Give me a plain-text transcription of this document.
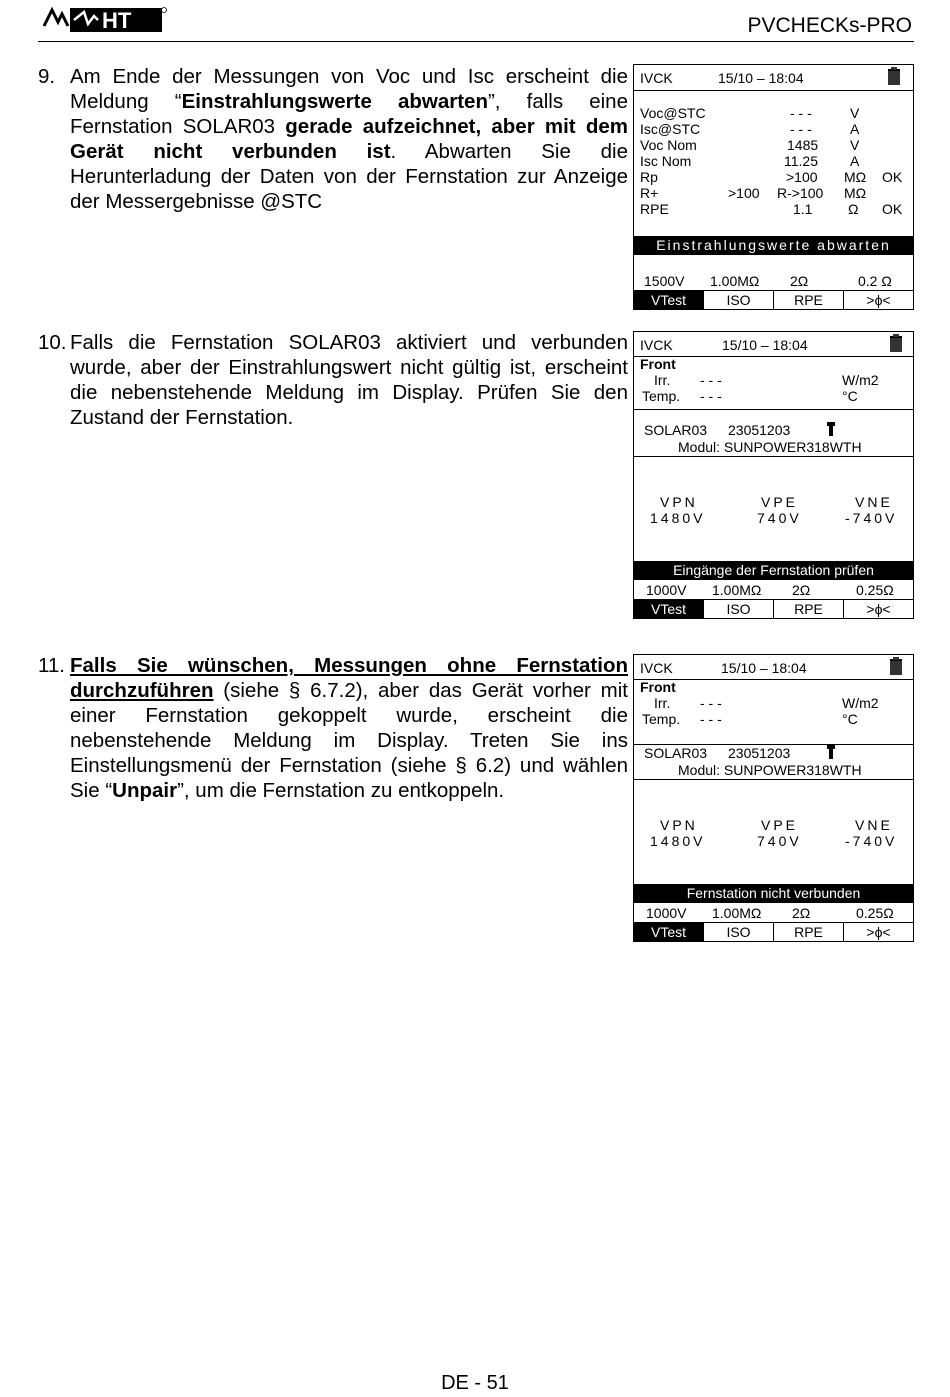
HT	PVCHECKs-PRO
9. Am Ende der Messungen von Voc und Isc erscheint die Meldung “Einstrahlungswerte abwarten”, falls eine Fernstation SOLAR03 gerade aufzeichnet, aber mit dem Gerät nicht verbunden ist. Abwarten Sie die Herunterladung der Daten von der Fernstation zur Anzeige der Messergebnisse @STC
10. Falls die Fernstation SOLAR03 aktiviert und verbunden wurde, aber der Einstrahlungswert nicht gültig ist, erscheint die nebenstehende Meldung im Display. Prüfen Sie den Zustand der Fernstation.
11. Falls Sie wünschen, Messungen ohne Fernstation durchzuführen (siehe § 6.7.2), aber das Gerät vorher mit einer Fernstation gekoppelt wurde, erscheint die nebenstehende Meldung im Display. Treten Sie ins Einstellungsmenü der Fernstation (siehe § 6.2) und wählen Sie “Unpair”, um die Fernstation zu entkoppeln.
IVCK	15/10 – 18:04
Voc@STC	- - -	V
Isc@STC	- - -	A
Voc Nom	1485 V
Isc Nom	11.25 A
Rp	>100 MΩ OK
R+	>100 R->100 MΩ
RPE	1.1	Ω OK
Einstrahlungswerte abwarten
1500V 1.00MΩ 2Ω	0.2 Ω
VTest	ISO	RPE	>ϕ<
IVCK	15/10 – 18:04
Front
Irr. - - -	W/m2
Temp. - - -	°C
SOLAR03 23051203
Modul: SUNPOWER318WTH
VPN	VPE	VNE
1480V	740V	-740V
Eingänge der Fernstation prüfen
1000V 1.00MΩ 2Ω	0.25Ω
VTest	ISO	RPE	>ϕ<
IVCK	15/10 – 18:04
Front
Irr. - - -	W/m2
Temp. - - -	°C
SOLAR03 23051203
Modul: SUNPOWER318WTH
VPN	VPE	VNE
1480V	740V	-740V
Fernstation nicht verbunden
1000V 1.00MΩ 2Ω	0.25Ω
VTest	ISO	RPE	>ϕ<
DE - 51
